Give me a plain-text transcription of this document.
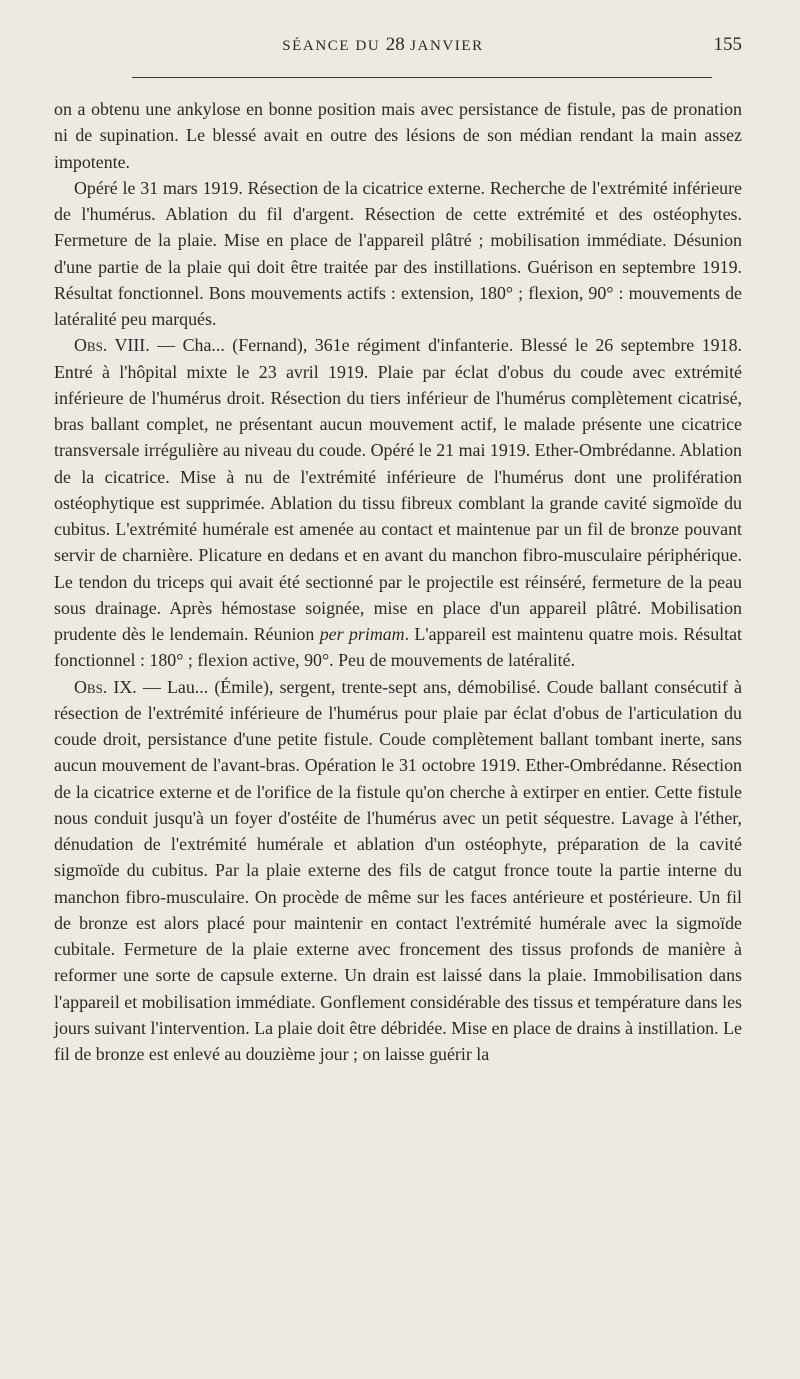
SÉANCE DU 28 JANVIER	155

on a obtenu une ankylose en bonne position mais avec persistance de fistule, pas de pronation ni de supination. Le blessé avait en outre des lésions de son médian rendant la main assez impotente.

Opéré le 31 mars 1919. Résection de la cicatrice externe. Recherche de l'extrémité inférieure de l'humérus. Ablation du fil d'argent. Résection de cette extrémité et des ostéophytes. Fermeture de la plaie. Mise en place de l'appareil plâtré ; mobilisation immédiate. Désunion d'une partie de la plaie qui doit être traitée par des instillations. Guérison en septembre 1919. Résultat fonctionnel. Bons mouvements actifs : extension, 180° ; flexion, 90° : mouvements de latéralité peu marqués.

Obs. VIII. — Cha... (Fernand), 361e régiment d'infanterie. Blessé le 26 septembre 1918. Entré à l'hôpital mixte le 23 avril 1919. Plaie par éclat d'obus du coude avec extrémité inférieure de l'humérus droit. Résection du tiers inférieur de l'humérus complètement cicatrisé, bras ballant complet, ne présentant aucun mouvement actif, le malade présente une cicatrice transversale irrégulière au niveau du coude. Opéré le 21 mai 1919. Ether-Ombrédanne. Ablation de la cicatrice. Mise à nu de l'extrémité inférieure de l'humérus dont une prolifération ostéophytique est supprimée. Ablation du tissu fibreux comblant la grande cavité sigmoïde du cubitus. L'extrémité humérale est amenée au contact et maintenue par un fil de bronze pouvant servir de charnière. Plicature en dedans et en avant du manchon fibro-musculaire périphérique. Le tendon du triceps qui avait été sectionné par le projectile est réinséré, fermeture de la peau sous drainage. Après hémostase soignée, mise en place d'un appareil plâtré. Mobilisation prudente dès le lendemain. Réunion per primam. L'appareil est maintenu quatre mois. Résultat fonctionnel : 180° ; flexion active, 90°. Peu de mouvements de latéralité.

Obs. IX. — Lau... (Émile), sergent, trente-sept ans, démobilisé. Coude ballant consécutif à résection de l'extrémité inférieure de l'humérus pour plaie par éclat d'obus de l'articulation du coude droit, persistance d'une petite fistule. Coude complètement ballant tombant inerte, sans aucun mouvement de l'avant-bras. Opération le 31 octobre 1919. Ether-Ombrédanne. Résection de la cicatrice externe et de l'orifice de la fistule qu'on cherche à extirper en entier. Cette fistule nous conduit jusqu'à un foyer d'ostéite de l'humérus avec un petit séquestre. Lavage à l'éther, dénudation de l'extrémité humérale et ablation d'un ostéophyte, préparation de la cavité sigmoïde du cubitus. Par la plaie externe des fils de catgut fronce toute la partie interne du manchon fibro-musculaire. On procède de même sur les faces antérieure et postérieure. Un fil de bronze est alors placé pour maintenir en contact l'extrémité humérale avec la sigmoïde cubitale. Fermeture de la plaie externe avec froncement des tissus profonds de manière à reformer une sorte de capsule externe. Un drain est laissé dans la plaie. Immobilisation dans l'appareil et mobilisation immédiate. Gonflement considérable des tissus et température dans les jours suivant l'intervention. La plaie doit être débridée. Mise en place de drains à instillation. Le fil de bronze est enlevé au douzième jour ; on laisse guérir la
